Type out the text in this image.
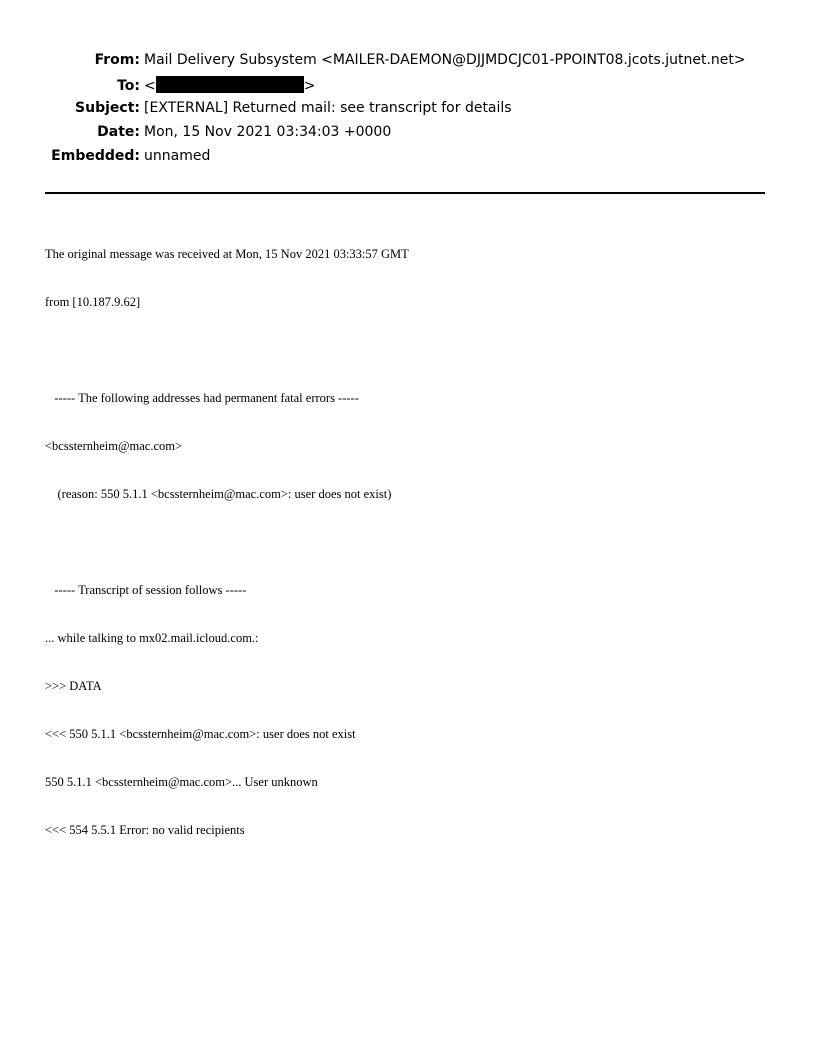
From: Mail Delivery Subsystem <MAILER-DAEMON@DJJMDCJC01-PPOINT08.jcots.jutnet.net>
To: <	>
Subject: [EXTERNAL] Returned mail: see transcript for details
Date: Mon, 15 Nov 2021 03:34:03 +0000
Embedded: unnamed

The original message was received at Mon, 15 Nov 2021 03:33:57 GMT

from [10.187.9.62]

----- The following addresses had permanent fatal errors -----

<bcssternheim@mac.com>

(reason: 550 5.1.1 <bcssternheim@mac.com>: user does not exist)

----- Transcript of session follows -----

... while talking to mx02.mail.icloud.com.:

>>> DATA

<<< 550 5.1.1 <bcssternheim@mac.com>: user does not exist

550 5.1.1 <bcssternheim@mac.com>... User unknown

<<< 554 5.5.1 Error: no valid recipients
